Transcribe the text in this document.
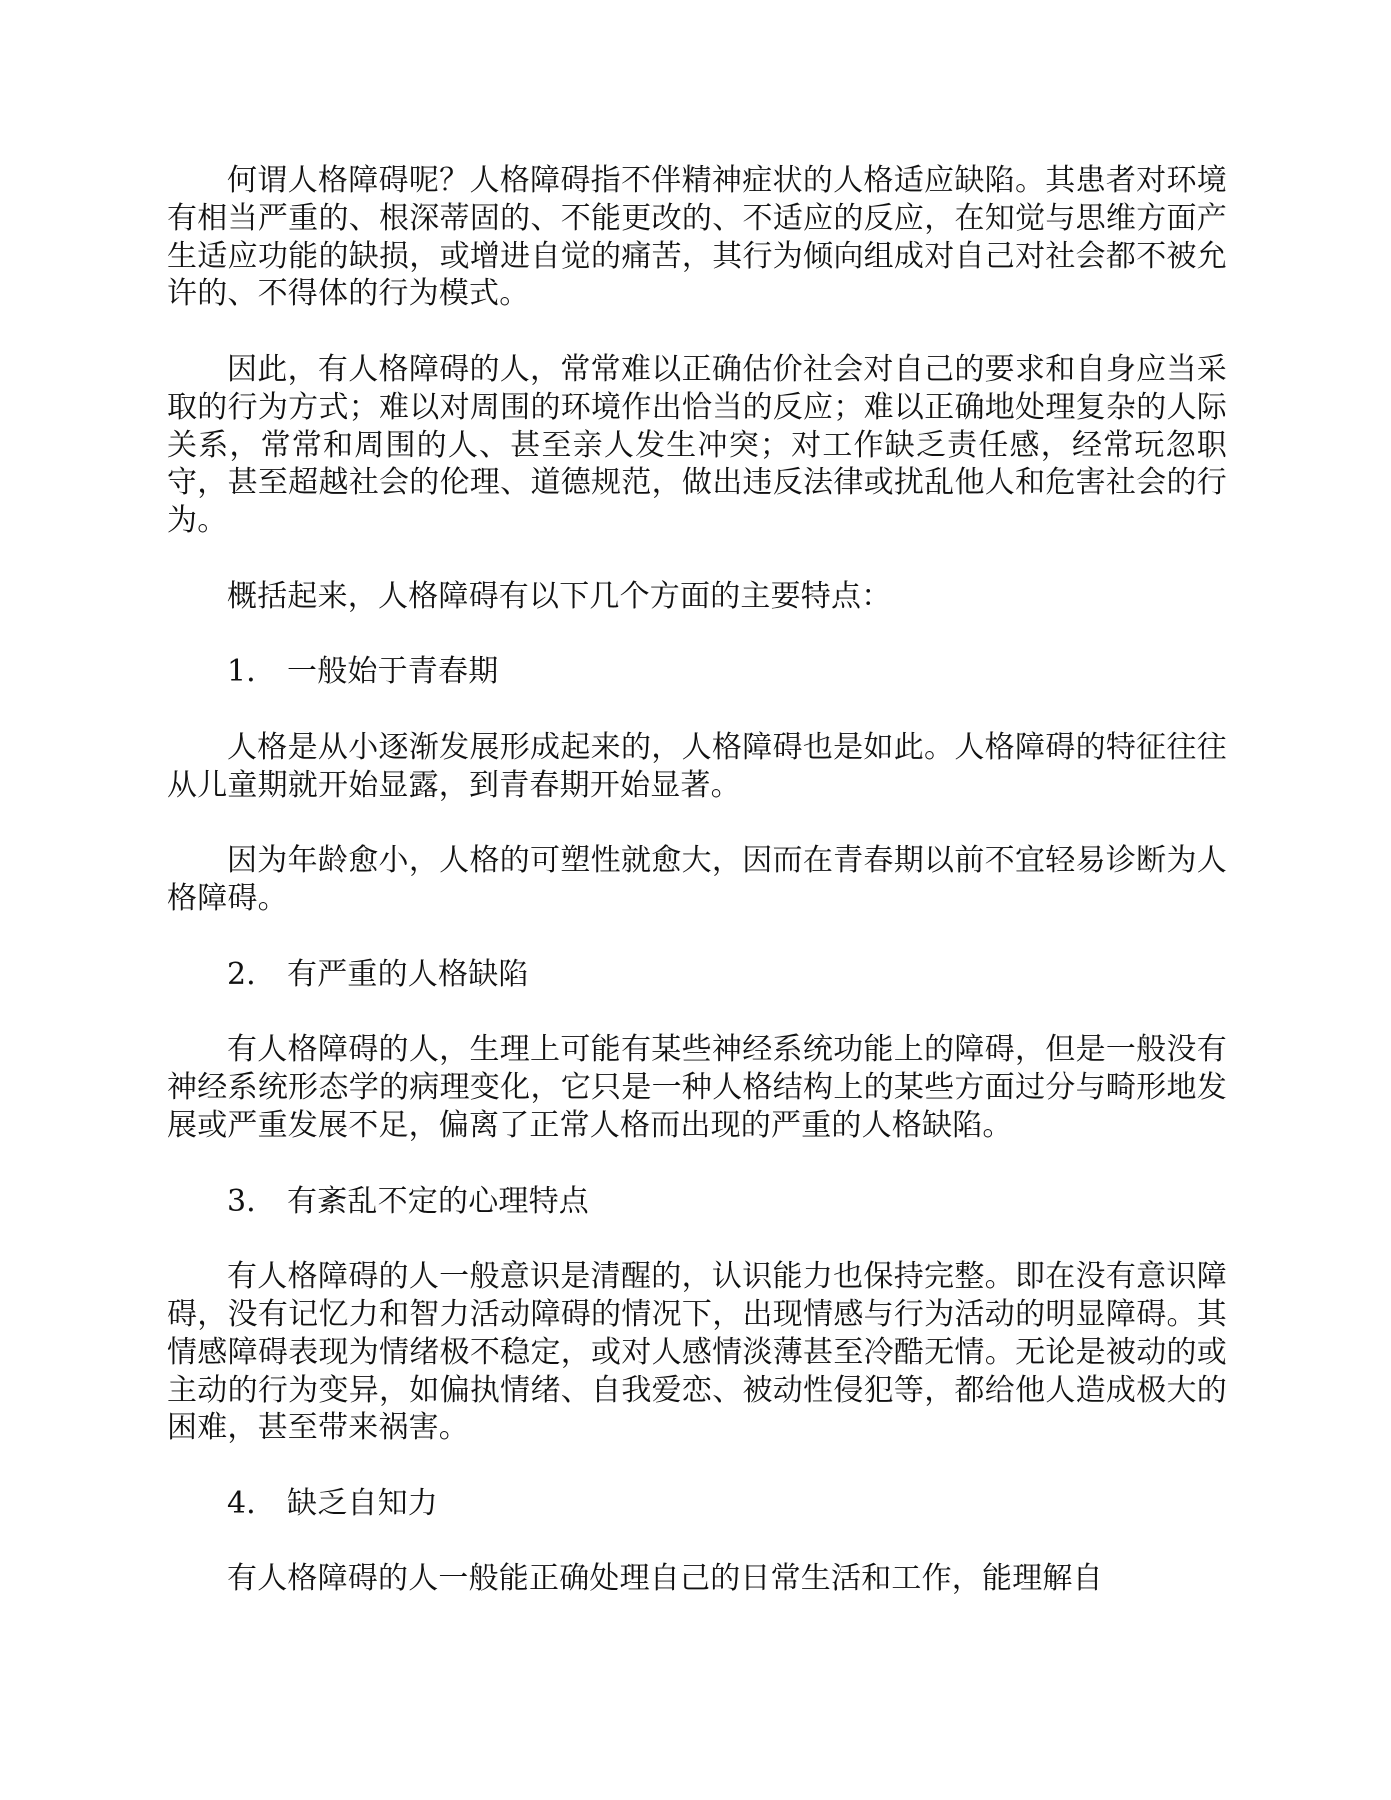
何谓人格障碍呢？人格障碍指不伴精神症状的人格适应缺陷。其患者对环境有相当严重的、根深蒂固的、不能更改的、不适应的反应，在知觉与思维方面产生适应功能的缺损，或增进自觉的痛苦，其行为倾向组成对自己对社会都不被允许的、不得体的行为模式。

因此，有人格障碍的人，常常难以正确估价社会对自己的要求和自身应当采取的行为方式；难以对周围的环境作出恰当的反应；难以正确地处理复杂的人际关系，常常和周围的人、甚至亲人发生冲突；对工作缺乏责任感，经常玩忽职守，甚至超越社会的伦理、道德规范，做出违反法律或扰乱他人和危害社会的行为。

概括起来，人格障碍有以下几个方面的主要特点：

1． 一般始于青春期

人格是从小逐渐发展形成起来的，人格障碍也是如此。人格障碍的特征往往从儿童期就开始显露，到青春期开始显著。

因为年龄愈小，人格的可塑性就愈大，因而在青春期以前不宜轻易诊断为人格障碍。

2． 有严重的人格缺陷

有人格障碍的人，生理上可能有某些神经系统功能上的障碍，但是一般没有神经系统形态学的病理变化，它只是一种人格结构上的某些方面过分与畸形地发展或严重发展不足，偏离了正常人格而出现的严重的人格缺陷。

3． 有紊乱不定的心理特点

有人格障碍的人一般意识是清醒的，认识能力也保持完整。即在没有意识障碍，没有记忆力和智力活动障碍的情况下，出现情感与行为活动的明显障碍。其情感障碍表现为情绪极不稳定，或对人感情淡薄甚至冷酷无情。无论是被动的或主动的行为变异，如偏执情绪、自我爱恋、被动性侵犯等，都给他人造成极大的困难，甚至带来祸害。

4． 缺乏自知力

有人格障碍的人一般能正确处理自己的日常生活和工作，能理解自
